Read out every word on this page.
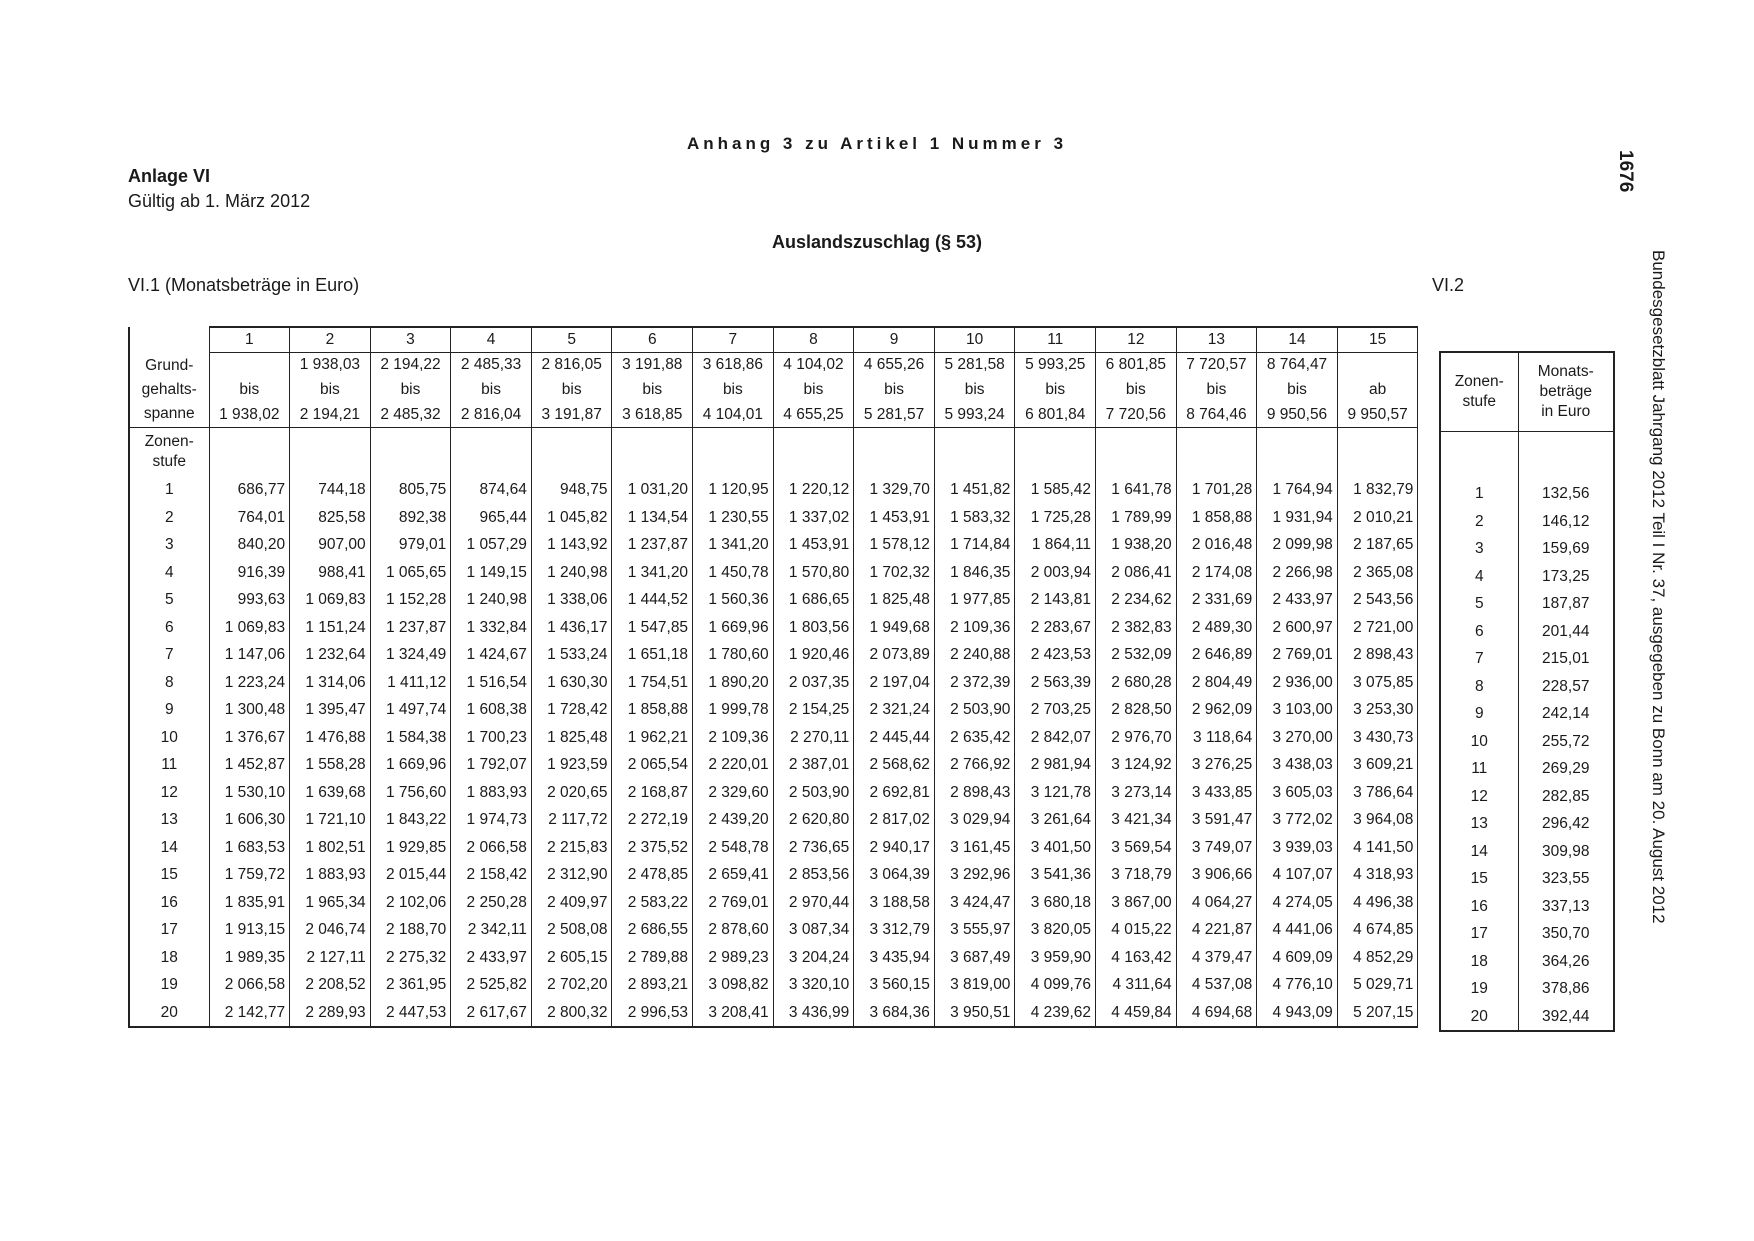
Anhang 3 zu Artikel 1 Nummer 3
Anlage VI
Gültig ab 1. März 2012
Auslandszuschlag (§ 53)
VI.1 (Monatsbeträge in Euro)	VI.2
1676
Bundesgesetzblatt Jahrgang 2012 Teil I Nr. 37, ausgegeben zu Bonn am 20. August 2012
	1	2	3	4	5	6	7	8	9	10	11	12	13	14	15
Grund-
gehalts-
spanne		1 938,03	2 194,22	2 485,33	2 816,05	3 191,88	3 618,86	4 104,02	4 655,26	5 281,58	5 993,25	6 801,85	7 720,57	8 764,47	
	bis	bis	bis	bis	bis	bis	bis	bis	bis	bis	bis	bis	bis	bis	ab
	1 938,02	2 194,21	2 485,32	2 816,04	3 191,87	3 618,85	4 104,01	4 655,25	5 281,57	5 993,24	6 801,84	7 720,56	8 764,46	9 950,56	9 950,57
Zonen-
stufe															
1	686,77	744,18	805,75	874,64	948,75	1 031,20	1 120,95	1 220,12	1 329,70	1 451,82	1 585,42	1 641,78	1 701,28	1 764,94	1 832,79
2	764,01	825,58	892,38	965,44	1 045,82	1 134,54	1 230,55	1 337,02	1 453,91	1 583,32	1 725,28	1 789,99	1 858,88	1 931,94	2 010,21
3	840,20	907,00	979,01	1 057,29	1 143,92	1 237,87	1 341,20	1 453,91	1 578,12	1 714,84	1 864,11	1 938,20	2 016,48	2 099,98	2 187,65
4	916,39	988,41	1 065,65	1 149,15	1 240,98	1 341,20	1 450,78	1 570,80	1 702,32	1 846,35	2 003,94	2 086,41	2 174,08	2 266,98	2 365,08
5	993,63	1 069,83	1 152,28	1 240,98	1 338,06	1 444,52	1 560,36	1 686,65	1 825,48	1 977,85	2 143,81	2 234,62	2 331,69	2 433,97	2 543,56
6	1 069,83	1 151,24	1 237,87	1 332,84	1 436,17	1 547,85	1 669,96	1 803,56	1 949,68	2 109,36	2 283,67	2 382,83	2 489,30	2 600,97	2 721,00
7	1 147,06	1 232,64	1 324,49	1 424,67	1 533,24	1 651,18	1 780,60	1 920,46	2 073,89	2 240,88	2 423,53	2 532,09	2 646,89	2 769,01	2 898,43
8	1 223,24	1 314,06	1 411,12	1 516,54	1 630,30	1 754,51	1 890,20	2 037,35	2 197,04	2 372,39	2 563,39	2 680,28	2 804,49	2 936,00	3 075,85
9	1 300,48	1 395,47	1 497,74	1 608,38	1 728,42	1 858,88	1 999,78	2 154,25	2 321,24	2 503,90	2 703,25	2 828,50	2 962,09	3 103,00	3 253,30
10	1 376,67	1 476,88	1 584,38	1 700,23	1 825,48	1 962,21	2 109,36	2 270,11	2 445,44	2 635,42	2 842,07	2 976,70	3 118,64	3 270,00	3 430,73
11	1 452,87	1 558,28	1 669,96	1 792,07	1 923,59	2 065,54	2 220,01	2 387,01	2 568,62	2 766,92	2 981,94	3 124,92	3 276,25	3 438,03	3 609,21
12	1 530,10	1 639,68	1 756,60	1 883,93	2 020,65	2 168,87	2 329,60	2 503,90	2 692,81	2 898,43	3 121,78	3 273,14	3 433,85	3 605,03	3 786,64
13	1 606,30	1 721,10	1 843,22	1 974,73	2 117,72	2 272,19	2 439,20	2 620,80	2 817,02	3 029,94	3 261,64	3 421,34	3 591,47	3 772,02	3 964,08
14	1 683,53	1 802,51	1 929,85	2 066,58	2 215,83	2 375,52	2 548,78	2 736,65	2 940,17	3 161,45	3 401,50	3 569,54	3 749,07	3 939,03	4 141,50
15	1 759,72	1 883,93	2 015,44	2 158,42	2 312,90	2 478,85	2 659,41	2 853,56	3 064,39	3 292,96	3 541,36	3 718,79	3 906,66	4 107,07	4 318,93
16	1 835,91	1 965,34	2 102,06	2 250,28	2 409,97	2 583,22	2 769,01	2 970,44	3 188,58	3 424,47	3 680,18	3 867,00	4 064,27	4 274,05	4 496,38
17	1 913,15	2 046,74	2 188,70	2 342,11	2 508,08	2 686,55	2 878,60	3 087,34	3 312,79	3 555,97	3 820,05	4 015,22	4 221,87	4 441,06	4 674,85
18	1 989,35	2 127,11	2 275,32	2 433,97	2 605,15	2 789,88	2 989,23	3 204,24	3 435,94	3 687,49	3 959,90	4 163,42	4 379,47	4 609,09	4 852,29
19	2 066,58	2 208,52	2 361,95	2 525,82	2 702,20	2 893,21	3 098,82	3 320,10	3 560,15	3 819,00	4 099,76	4 311,64	4 537,08	4 776,10	5 029,71
20	2 142,77	2 289,93	2 447,53	2 617,67	2 800,32	2 996,53	3 208,41	3 436,99	3 684,36	3 950,51	4 239,62	4 459,84	4 694,68	4 943,09	5 207,15
Zonen-
stufe	Monats-
beträge
in Euro

1	132,56
2	146,12
3	159,69
4	173,25
5	187,87
6	201,44
7	215,01
8	228,57
9	242,14
10	255,72
11	269,29
12	282,85
13	296,42
14	309,98
15	323,55
16	337,13
17	350,70
18	364,26
19	378,86
20	392,44
